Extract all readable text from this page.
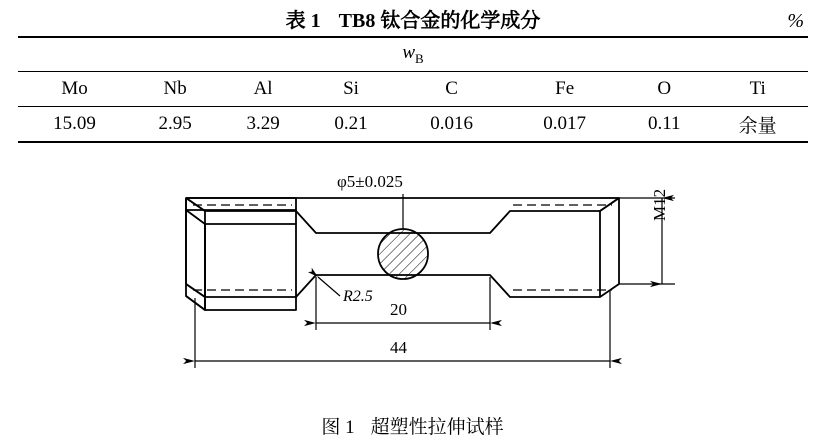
表 1 TB8 钛合金的化学成分	%

$w_B$

Mo	Nb	Al	Si	C	Fe	O	Ti

15.09	2.95	3.29	0.21	0.016	0.017	0.11	余量

φ5±0.025
R2.5
20
44
M12
图 1 超塑性拉伸试样
